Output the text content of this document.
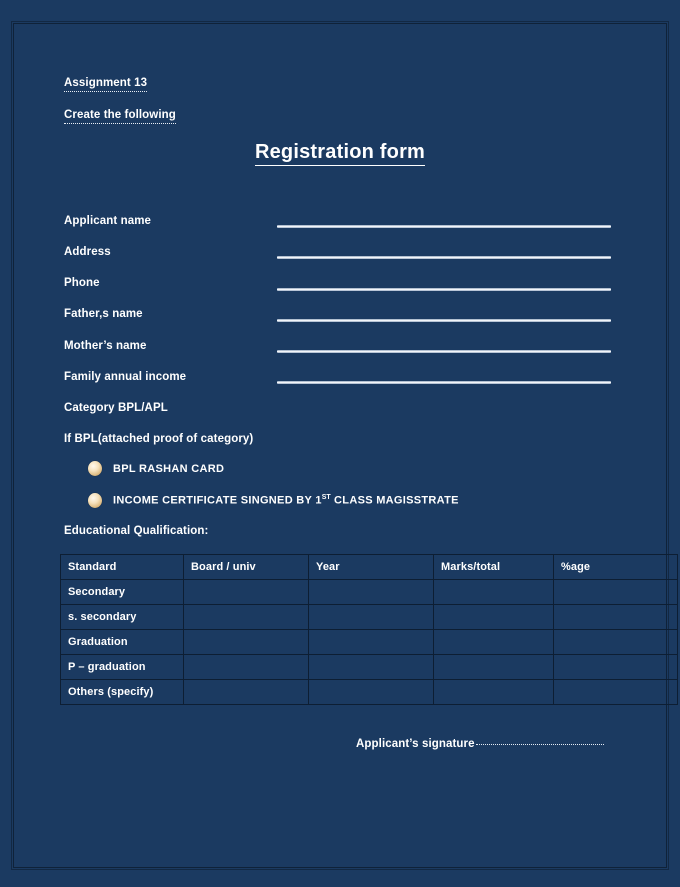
Assignment 13
Create the following
Registration form
Applicant name
Address
Phone
Father,s name
Mother’s name
Family annual income
Category BPL/APL
If BPL(attached proof of category)
BPL RASHAN CARD
INCOME CERTIFICATE SINGNED BY 1ST CLASS MAGISSTRATE
Educational Qualification:
Standard	Board / univ	Year	Marks/total	%age
Secondary				
s. secondary				
Graduation				
P – graduation				
Others (specify)				
Applicant’s signature
